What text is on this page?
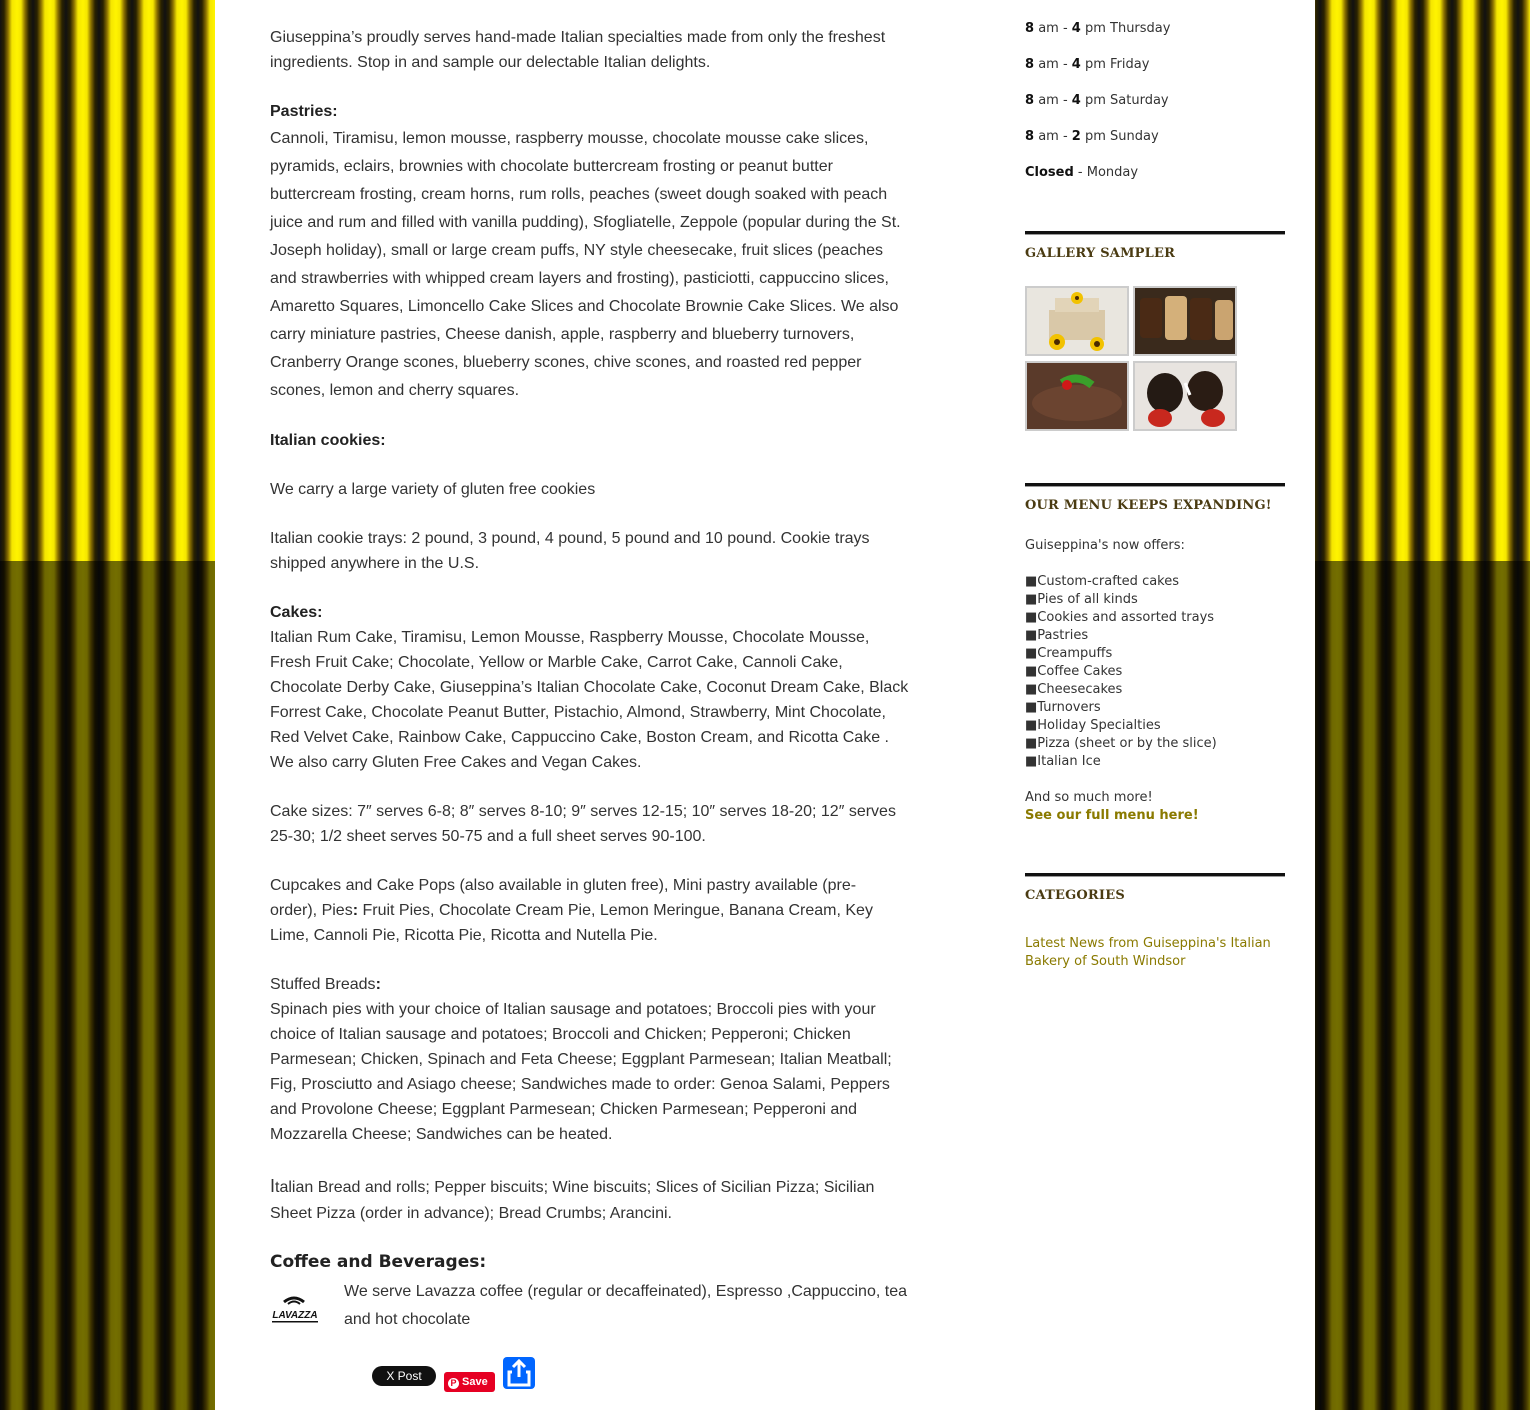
Giuseppina’s proudly serves hand-made Italian specialties made from only the freshest ingredients. Stop in and sample our delectable Italian delights.

Pastries:

Cannoli, Tiramisu, lemon mousse, raspberry mousse, chocolate mousse cake slices, pyramids, eclairs, brownies with chocolate buttercream frosting or peanut butter buttercream frosting, cream horns, rum rolls, peaches (sweet dough soaked with peach juice and rum and filled with vanilla pudding), Sfogliatelle, Zeppole (popular during the St. Joseph holiday), small or large cream puffs, NY style cheesecake, fruit slices (peaches and strawberries with whipped cream layers and frosting), pasticiotti, cappuccino slices, Amaretto Squares, Limoncello Cake Slices and Chocolate Brownie Cake Slices. We also carry miniature pastries, Cheese danish, apple, raspberry and blueberry turnovers, Cranberry Orange scones, blueberry scones, chive scones, and roasted red pepper scones, lemon and cherry squares.

Italian cookies:

We carry a large variety of gluten free cookies

Italian cookie trays: 2 pound, 3 pound, 4 pound, 5 pound and 10 pound. Cookie trays shipped anywhere in the U.S.

Cakes:

Italian Rum Cake, Tiramisu, Lemon Mousse, Raspberry Mousse, Chocolate Mousse, Fresh Fruit Cake; Chocolate, Yellow or Marble Cake, Carrot Cake, Cannoli Cake, Chocolate Derby Cake, Giuseppina’s Italian Chocolate Cake, Coconut Dream Cake, Black Forrest Cake, Chocolate Peanut Butter, Pistachio, Almond, Strawberry, Mint Chocolate, Red Velvet Cake, Rainbow Cake, Cappuccino Cake, Boston Cream, and Ricotta Cake . We also carry Gluten Free Cakes and Vegan Cakes.

Cake sizes: 7″ serves 6-8; 8″ serves 8-10; 9″ serves 12-15; 10″ serves 18-20; 12″ serves 25-30; 1/2 sheet serves 50-75 and a full sheet serves 90-100.

Cupcakes and Cake Pops (also available in gluten free), Mini pastry available (pre-order), Pies: Fruit Pies, Chocolate Cream Pie, Lemon Meringue, Banana Cream, Key Lime, Cannoli Pie, Ricotta Pie, Ricotta and Nutella Pie.

Stuffed Breads:

Spinach pies with your choice of Italian sausage and potatoes; Broccoli pies with your choice of Italian sausage and potatoes; Broccoli and Chicken; Pepperoni; Chicken Parmesean; Chicken, Spinach and Feta Cheese; Eggplant Parmesean; Italian Meatball; Fig, Prosciutto and Asiago cheese; Sandwiches made to order: Genoa Salami, Peppers and Provolone Cheese; Eggplant Parmesean; Chicken Parmesean; Pepperoni and Mozzarella Cheese; Sandwiches can be heated.

Italian Bread and rolls; Pepper biscuits; Wine biscuits; Slices of Sicilian Pizza; Sicilian Sheet Pizza (order in advance); Bread Crumbs; Arancini.

Coffee and Beverages:

LAVAZZA

We serve Lavazza coffee (regular or decaffeinated), Espresso ,Cappuccino, tea and hot chocolate

X Post	P Save
8 am - 4 pm Thursday
8 am - 4 pm Friday
8 am - 4 pm Saturday
8 am - 2 pm Sunday
Closed - Monday
GALLERY SAMPLER
OUR MENU KEEPS EXPANDING!
Guiseppina's now offers:
■Custom-crafted cakes
■Pies of all kinds
■Cookies and assorted trays
■Pastries
■Creampuffs
■Coffee Cakes
■Cheesecakes
■Turnovers
■Holiday Specialties
■Pizza (sheet or by the slice)
■Italian Ice
And so much more!
See our full menu here!
CATEGORIES
Latest News from Guiseppina's Italian Bakery of South Windsor
